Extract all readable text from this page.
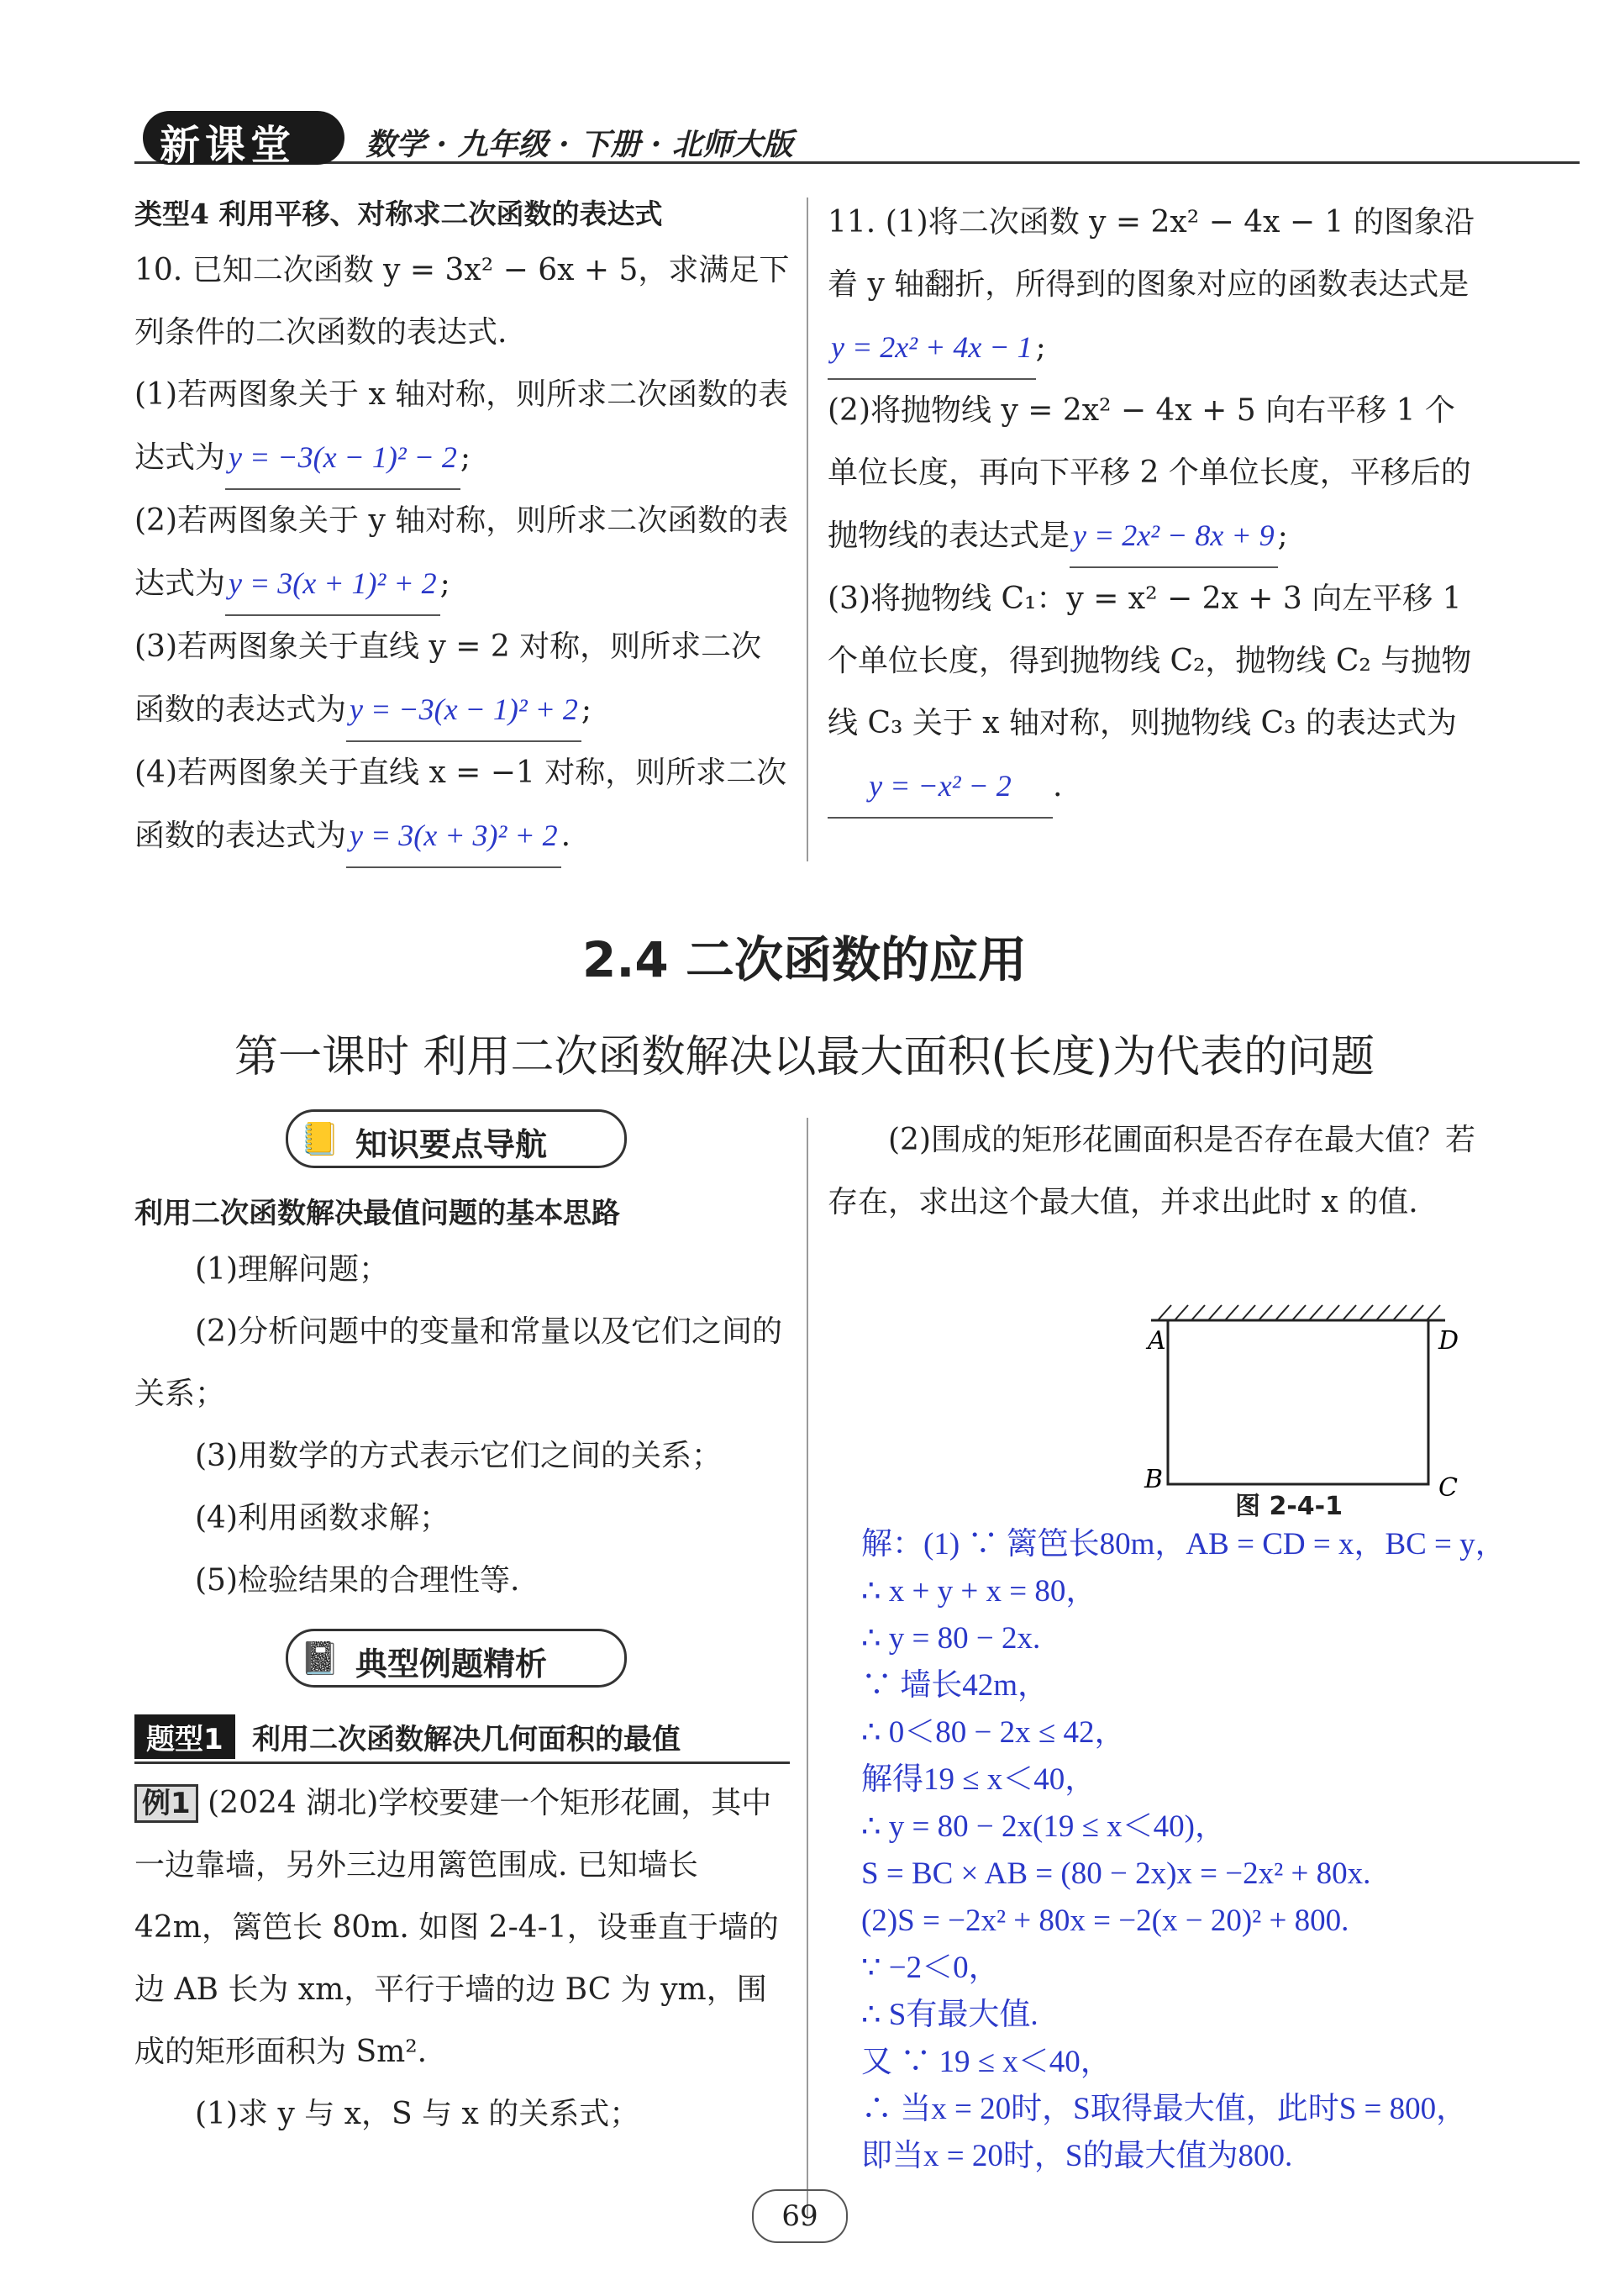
新课堂 数学 · 九年级 · 下册 · 北师大版
类型4 利用平移、对称求二次函数的表达式
10. 已知二次函数 y = 3x² − 6x + 5，求满足下列条件的二次函数的表达式.
(1)若两图象关于 x 轴对称，则所求二次函数的表达式为 y = −3(x − 1)² − 2 ;
(2)若两图象关于 y 轴对称，则所求二次函数的表达式为 y = 3(x + 1)² + 2 ;
(3)若两图象关于直线 y = 2 对称，则所求二次函数的表达式为 y = −3(x − 1)² + 2 ;
(4)若两图象关于直线 x = −1 对称，则所求二次函数的表达式为 y = 3(x + 3)² + 2 .
11. (1)将二次函数 y = 2x² − 4x − 1 的图象沿着 y 轴翻折，所得到的图象对应的函数表达式是y = 2x² + 4x − 1 ;
(2)将抛物线 y = 2x² − 4x + 5 向右平移 1 个单位长度，再向下平移 2 个单位长度，平移后的抛物线的表达式是 y = 2x² − 8x + 9 ;
(3)将抛物线 C₁：y = x² − 2x + 3 向左平移 1 个单位长度，得到抛物线 C₂，抛物线 C₂ 与抛物线 C₃ 关于 x 轴对称，则抛物线 C₃ 的表达式为y = −x² − 2 .
2.4 二次函数的应用
第一课时 利用二次函数解决以最大面积(长度)为代表的问题
📒 知识要点导航
利用二次函数解决最值问题的基本思路
(1)理解问题；
(2)分析问题中的变量和常量以及它们之间的关系；
(3)用数学的方式表示它们之间的关系；
(4)利用函数求解；
(5)检验结果的合理性等.
📓 典型例题精析
题型1	利用二次函数解决几何面积的最值
例1 (2024 湖北)学校要建一个矩形花圃，其中一边靠墙，另外三边用篱笆围成. 已知墙长 42m，篱笆长 80m. 如图 2-4-1，设垂直于墙的边 AB 长为 xm，平行于墙的边 BC 为 ym，围成的矩形面积为 Sm².
(1)求 y 与 x，S 与 x 的关系式；
(2)围成的矩形花圃面积是否存在最大值？若存在，求出这个最大值，并求出此时 x 的值.
A	D
B	C
图 2-4-1
解：(1) ∵ 篱笆长80m，AB = CD = x，BC = y，
∴ x + y + x = 80，
∴ y = 80 − 2x.
∵ 墙长42m，
∴ 0＜80 − 2x ≤ 42，
解得19 ≤ x＜40，
∴ y = 80 − 2x(19 ≤ x＜40)，
S = BC × AB = (80 − 2x)x = −2x² + 80x.
(2)S = −2x² + 80x = −2(x − 20)² + 800.
∵ −2＜0，
∴ S有最大值.
又 ∵ 19 ≤ x＜40，
∴ 当x = 20时，S取得最大值，此时S = 800，
即当x = 20时，S的最大值为800.
69
